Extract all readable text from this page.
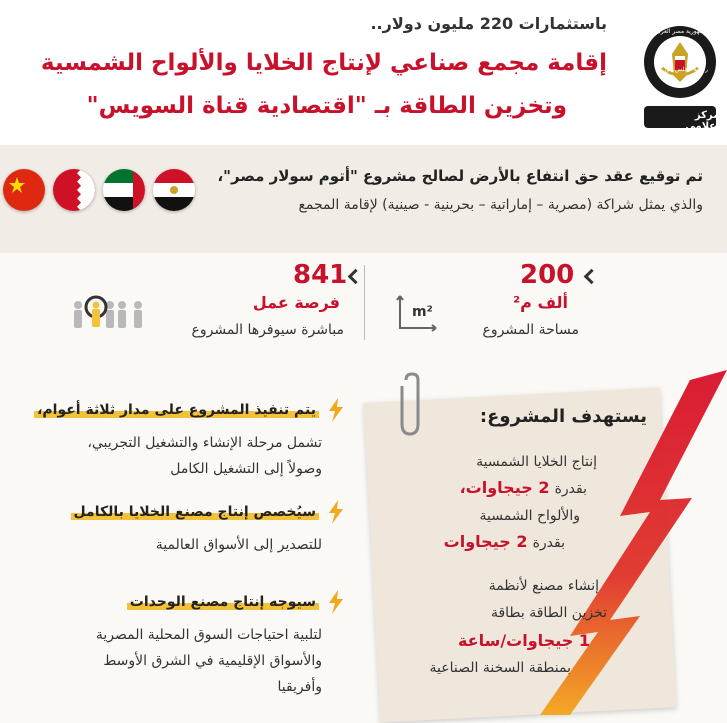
باستثمارات 220 مليون دولار..
إقامة مجمع صناعي لإنتاج الخلايا والألواح الشمسية
وتخزين الطاقة بـ "اقتصادية قناة السويس"
جمهورية مصر العربية
رئاسة مجلس الوزراء
المركز الإعلامي
تم توقيع عقد حق انتفاع بالأرض لصالح مشروع "أتوم سولار مصر"،
والذي يمثل شراكة (مصرية – إماراتية – بحرينية - صينية) لإقامة المجمع
200
ألف م²
مساحة المشروع
m²
841
فرصة عمل
مباشرة سيوفرها المشروع
يتم تنفيذ المشروع على مدار ثلاثة أعوام،
تشمل مرحلة الإنشاء والتشغيل التجريبي،
وصولاً إلى التشغيل الكامل
سيُخصص إنتاج مصنع الخلايا بالكامل
للتصدير إلى الأسواق العالمية
سيوجه إنتاج مصنع الوحدات
لتلبية احتياجات السوق المحلية المصرية
والأسواق الإقليمية في الشرق الأوسط
وأفريقيا
يستهدف المشروع:
إنتاج الخلايا الشمسية
بقدرة 2 جيجاوات،
والألواح الشمسية
بقدرة 2 جيجاوات
إنشاء مصنع لأنظمة
تخزين الطاقة بطاقة
1 جيجاوات/ساعة
بمنطقة السخنة الصناعية
